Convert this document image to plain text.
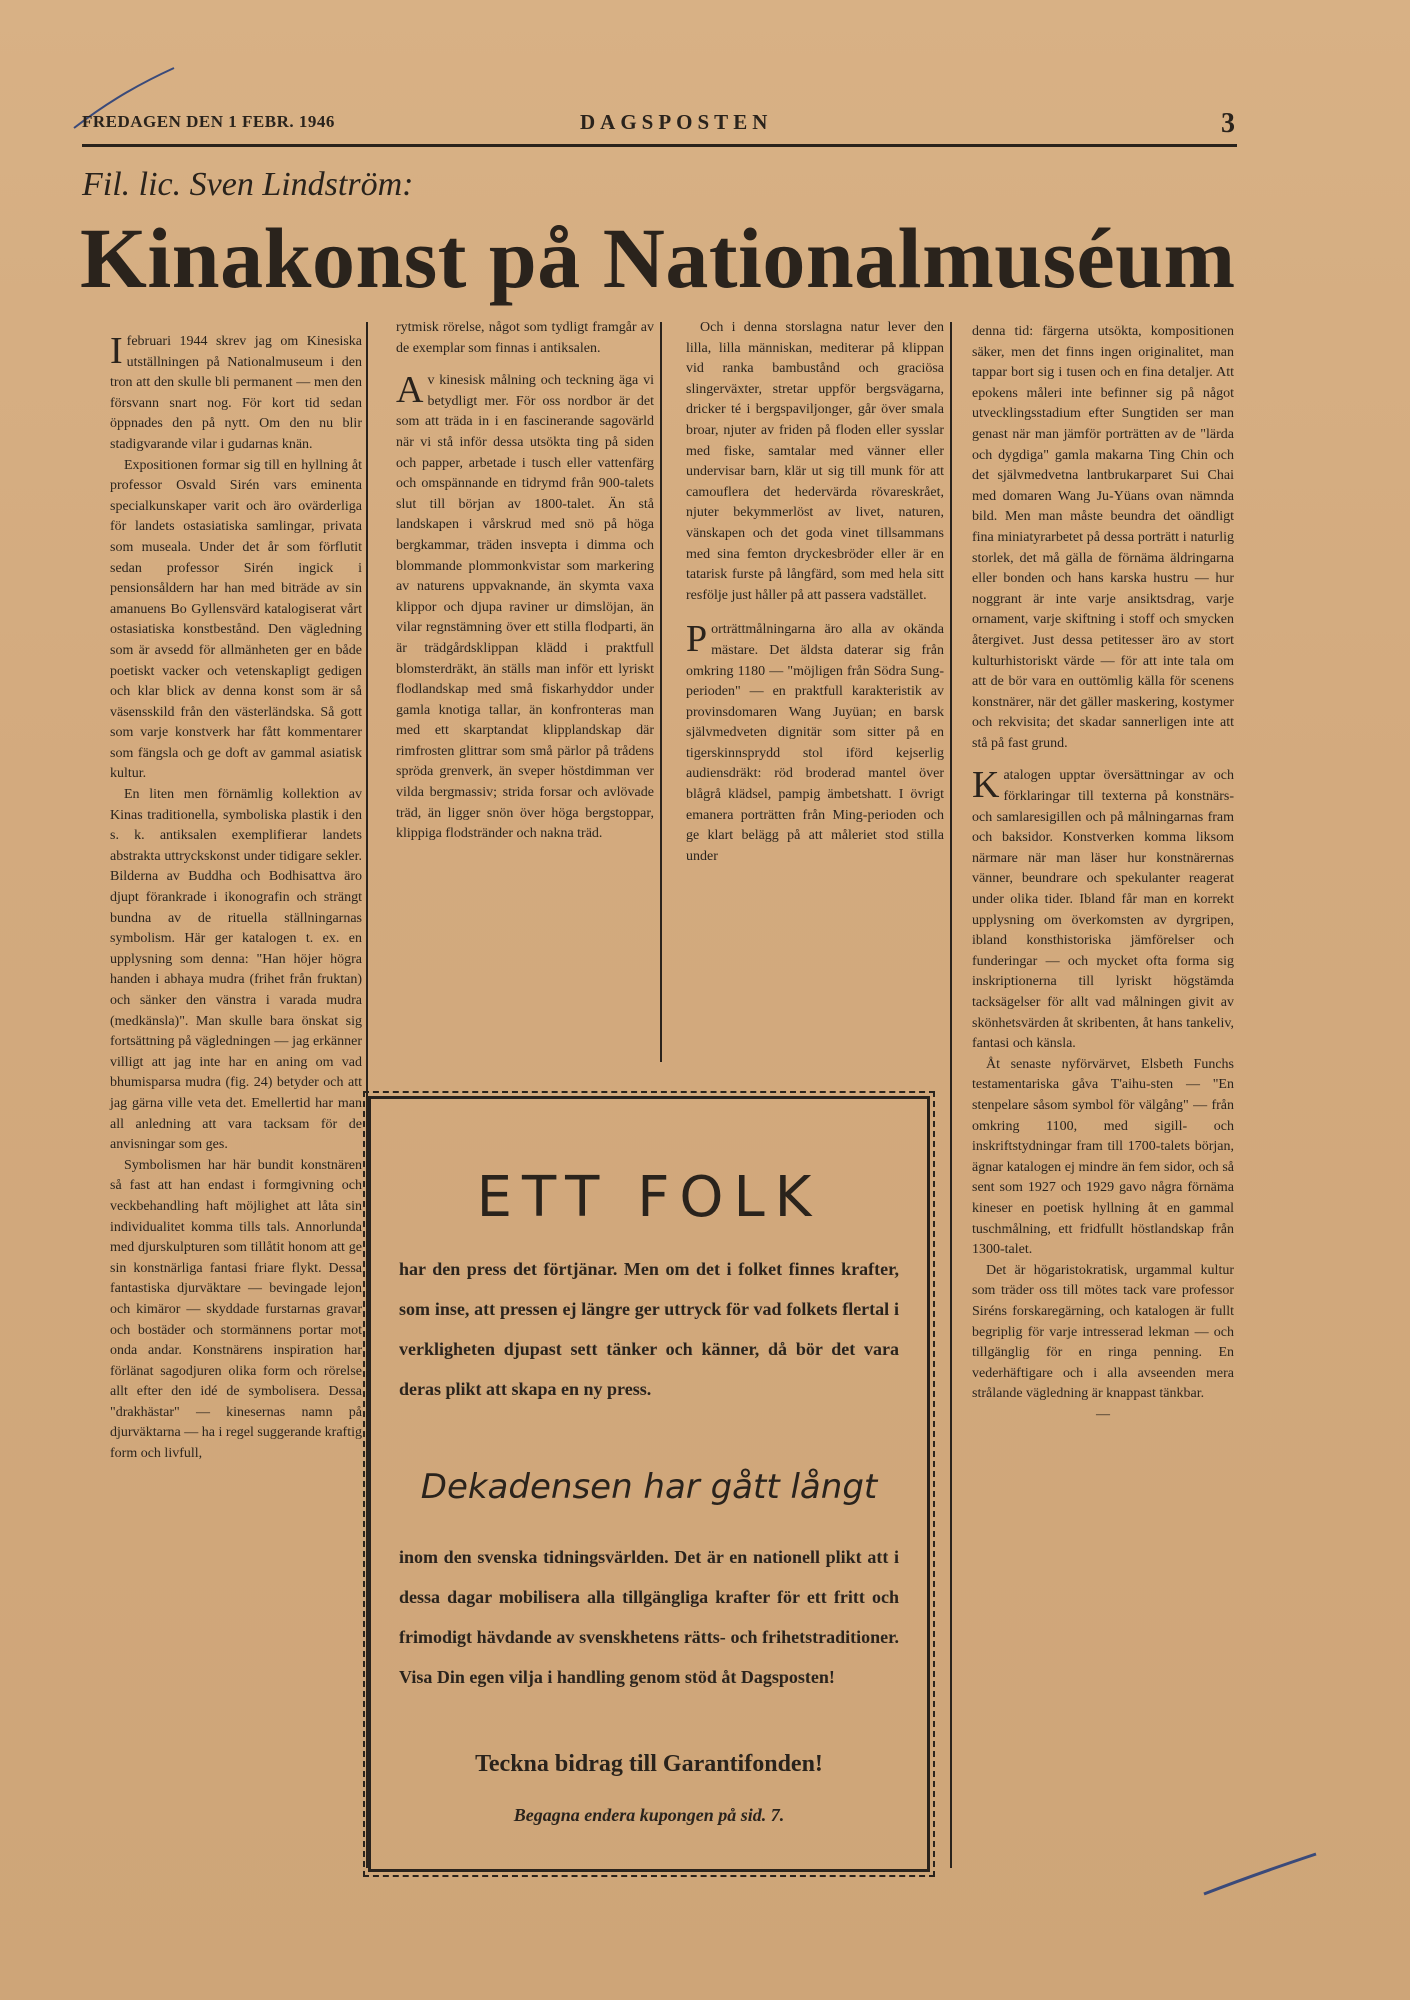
FREDAGEN DEN 1 FEBR. 1946	DAGSPOSTEN	3
Fil. lic. Sven Lindström:
Kinakonst på Nationalmuséum

I februari 1944 skrev jag om Kinesiska utställningen på Nationalmuseum i den tron att den skulle bli permanent — men den försvann snart nog. För kort tid sedan öppnades den på nytt. Om den nu blir stadigvarande vilar i gudarnas knän.

Expositionen formar sig till en hyllning åt professor Osvald Sirén vars eminenta specialkunskaper varit och äro ovärderliga för landets ostasiatiska samlingar, privata som museala. Under det år som förflutit sedan professor Sirén ingick i pensionsåldern har han med biträde av sin amanuens Bo Gyllensvärd katalogiserat vårt ostasiatiska konstbestånd. Den vägledning som är avsedd för allmänheten ger en både poetiskt vacker och vetenskapligt gedigen och klar blick av denna konst som är så väsensskild från den västerländska. Så gott som varje konstverk har fått kommentarer som fängsla och ge doft av gammal asiatisk kultur.

En liten men förnämlig kollektion av Kinas traditionella, symboliska plastik i den s. k. antiksalen exemplifierar landets abstrakta uttryckskonst under tidigare sekler. Bilderna av Buddha och Bodhisattva äro djupt förankrade i ikonografin och strängt bundna av de rituella ställningarnas symbolism. Här ger katalogen t. ex. en upplysning som denna: "Han höjer högra handen i abhaya mudra (frihet från fruktan) och sänker den vänstra i varada mudra (medkänsla)". Man skulle bara önskat sig fortsättning på vägledningen — jag erkänner villigt att jag inte har en aning om vad bhumisparsa mudra (fig. 24) betyder och att jag gärna ville veta det. Emellertid har man all anledning att vara tacksam för de anvisningar som ges.

Symbolismen har här bundit konstnären så fast att han endast i formgivning och veckbehandling haft möjlighet att låta sin individualitet komma tills tals. Annorlunda med djurskulpturen som tillåtit honom att ge sin konstnärliga fantasi friare flykt. Dessa fantastiska djurväktare — bevingade lejon och kimäror — skyddade furstarnas gravar och bostäder och stormännens portar mot onda andar. Konstnärens inspiration har förlänat sagodjuren olika form och rörelse allt efter den idé de symbolisera. Dessa "drakhästar" — kinesernas namn på djurväktarna — ha i regel suggerande kraftig form och livfull,

rytmisk rörelse, något som tydligt framgår av de exemplar som finnas i antiksalen.

Av kinesisk målning och teckning äga vi betydligt mer. För oss nordbor är det som att träda in i en fascinerande sagovärld när vi stå inför dessa utsökta ting på siden och papper, arbetade i tusch eller vattenfärg och omspännande en tidrymd från 900-talets slut till början av 1800-talet. Än stå landskapen i vårskrud med snö på höga bergkammar, träden insvepta i dimma och blommande plommonkvistar som markering av naturens uppvaknande, än skymta vaxa klippor och djupa raviner ur dimslöjan, än vilar regnstämning över ett stilla flodparti, än är trädgårdsklippan klädd i praktfull blomsterdräkt, än ställs man inför ett lyriskt flodlandskap med små fiskarhyddor under gamla knotiga tallar, än konfronteras man med ett skarptandat klipplandskap där rimfrosten glittrar som små pärlor på trådens spröda grenverk, än sveper höstdimman ver vilda bergmassiv; strida forsar och avlövade träd, än ligger snön över höga bergstoppar, klippiga flodstränder och nakna träd.

Och i denna storslagna natur lever den lilla, lilla människan, mediterar på klippan vid ranka bambustånd och graciösa slingerväxter, stretar uppför bergsvägarna, dricker té i bergspaviljonger, går över smala broar, njuter av friden på floden eller sysslar med fiske, samtalar med vänner eller undervisar barn, klär ut sig till munk för att camouflera det hedervärda rövareskrået, njuter bekymmerlöst av livet, naturen, vänskapen och det goda vinet tillsammans med sina femton dryckesbröder eller är en tatarisk furste på långfärd, som med hela sitt resfölje just håller på att passera vadstället.

Porträttmålningarna äro alla av okända mästare. Det äldsta daterar sig från omkring 1180 — "möjligen från Södra Sung-perioden" — en praktfull karakteristik av provinsdomaren Wang Juyüan; en barsk självmedveten dignitär som sitter på en tigerskinnsprydd stol iförd kejserlig audiensdräkt: röd broderad mantel över blågrå klädsel, pampig ämbetshatt. I övrigt emanera porträtten från Ming-perioden och ge klart belägg på att måleriet stod stilla under

denna tid: färgerna utsökta, kompositionen säker, men det finns ingen originalitet, man tappar bort sig i tusen och en fina detaljer. Att epokens måleri inte befinner sig på något utvecklingsstadium efter Sungtiden ser man genast när man jämför porträtten av de "lärda och dygdiga" gamla makarna Ting Chin och det självmedvetna lantbrukarparet Sui Chai med domaren Wang Ju-Yüans ovan nämnda bild. Men man måste beundra det oändligt fina miniatyrarbetet på dessa porträtt i naturlig storlek, det må gälla de förnäma äldringarna eller bonden och hans karska hustru — hur noggrant är inte varje ansiktsdrag, varje ornament, varje skiftning i stoff och smycken återgivet. Just dessa petitesser äro av stort kulturhistoriskt värde — för att inte tala om att de bör vara en outtömlig källa för scenens konstnärer, när det gäller maskering, kostymer och rekvisita; det skadar sannerligen inte att stå på fast grund.

Katalogen upptar översättningar av och förklaringar till texterna på konstnärs- och samlaresigillen och på målningarnas fram och baksidor. Konstverken komma liksom närmare när man läser hur konstnärernas vänner, beundrare och spekulanter reagerat under olika tider. Ibland får man en korrekt upplysning om överkomsten av dyrgripen, ibland konsthistoriska jämförelser och funderingar — och mycket ofta forma sig inskriptionerna till lyriskt högstämda tacksägelser för allt vad målningen givit av skönhetsvärden åt skribenten, åt hans tankeliv, fantasi och känsla.

Åt senaste nyförvärvet, Elsbeth Funchs testamentariska gåva T'aihu-sten — "En stenpelare såsom symbol för välgång" — från omkring 1100, med sigill- och inskriftstydningar fram till 1700-talets början, ägnar katalogen ej mindre än fem sidor, och så sent som 1927 och 1929 gavo några förnäma kineser en poetisk hyllning åt en gammal tuschmålning, ett fridfullt höstlandskap från 1300-talet.

Det är högaristokratisk, urgammal kultur som träder oss till mötes tack vare professor Siréns forskaregärning, och katalogen är fullt begriplig för varje intresserad lekman — och tillgänglig för en ringa penning. En vederhäftigare och i alla avseenden mera strålande vägledning är knappast tänkbar.

—

ETT FOLK
har den press det förtjänar. Men om det i folket finnes krafter, som inse, att pressen ej längre ger uttryck för vad folkets flertal i verkligheten djupast sett tänker och känner, då bör det vara deras plikt att skapa en ny press.
Dekadensen har gått långt
inom den svenska tidningsvärlden. Det är en nationell plikt att i dessa dagar mobilisera alla tillgängliga krafter för ett fritt och frimodigt hävdande av svenskhetens rätts- och frihetstraditioner. Visa Din egen vilja i handling genom stöd åt Dagsposten!
Teckna bidrag till Garantifonden!
Begagna endera kupongen på sid. 7.
